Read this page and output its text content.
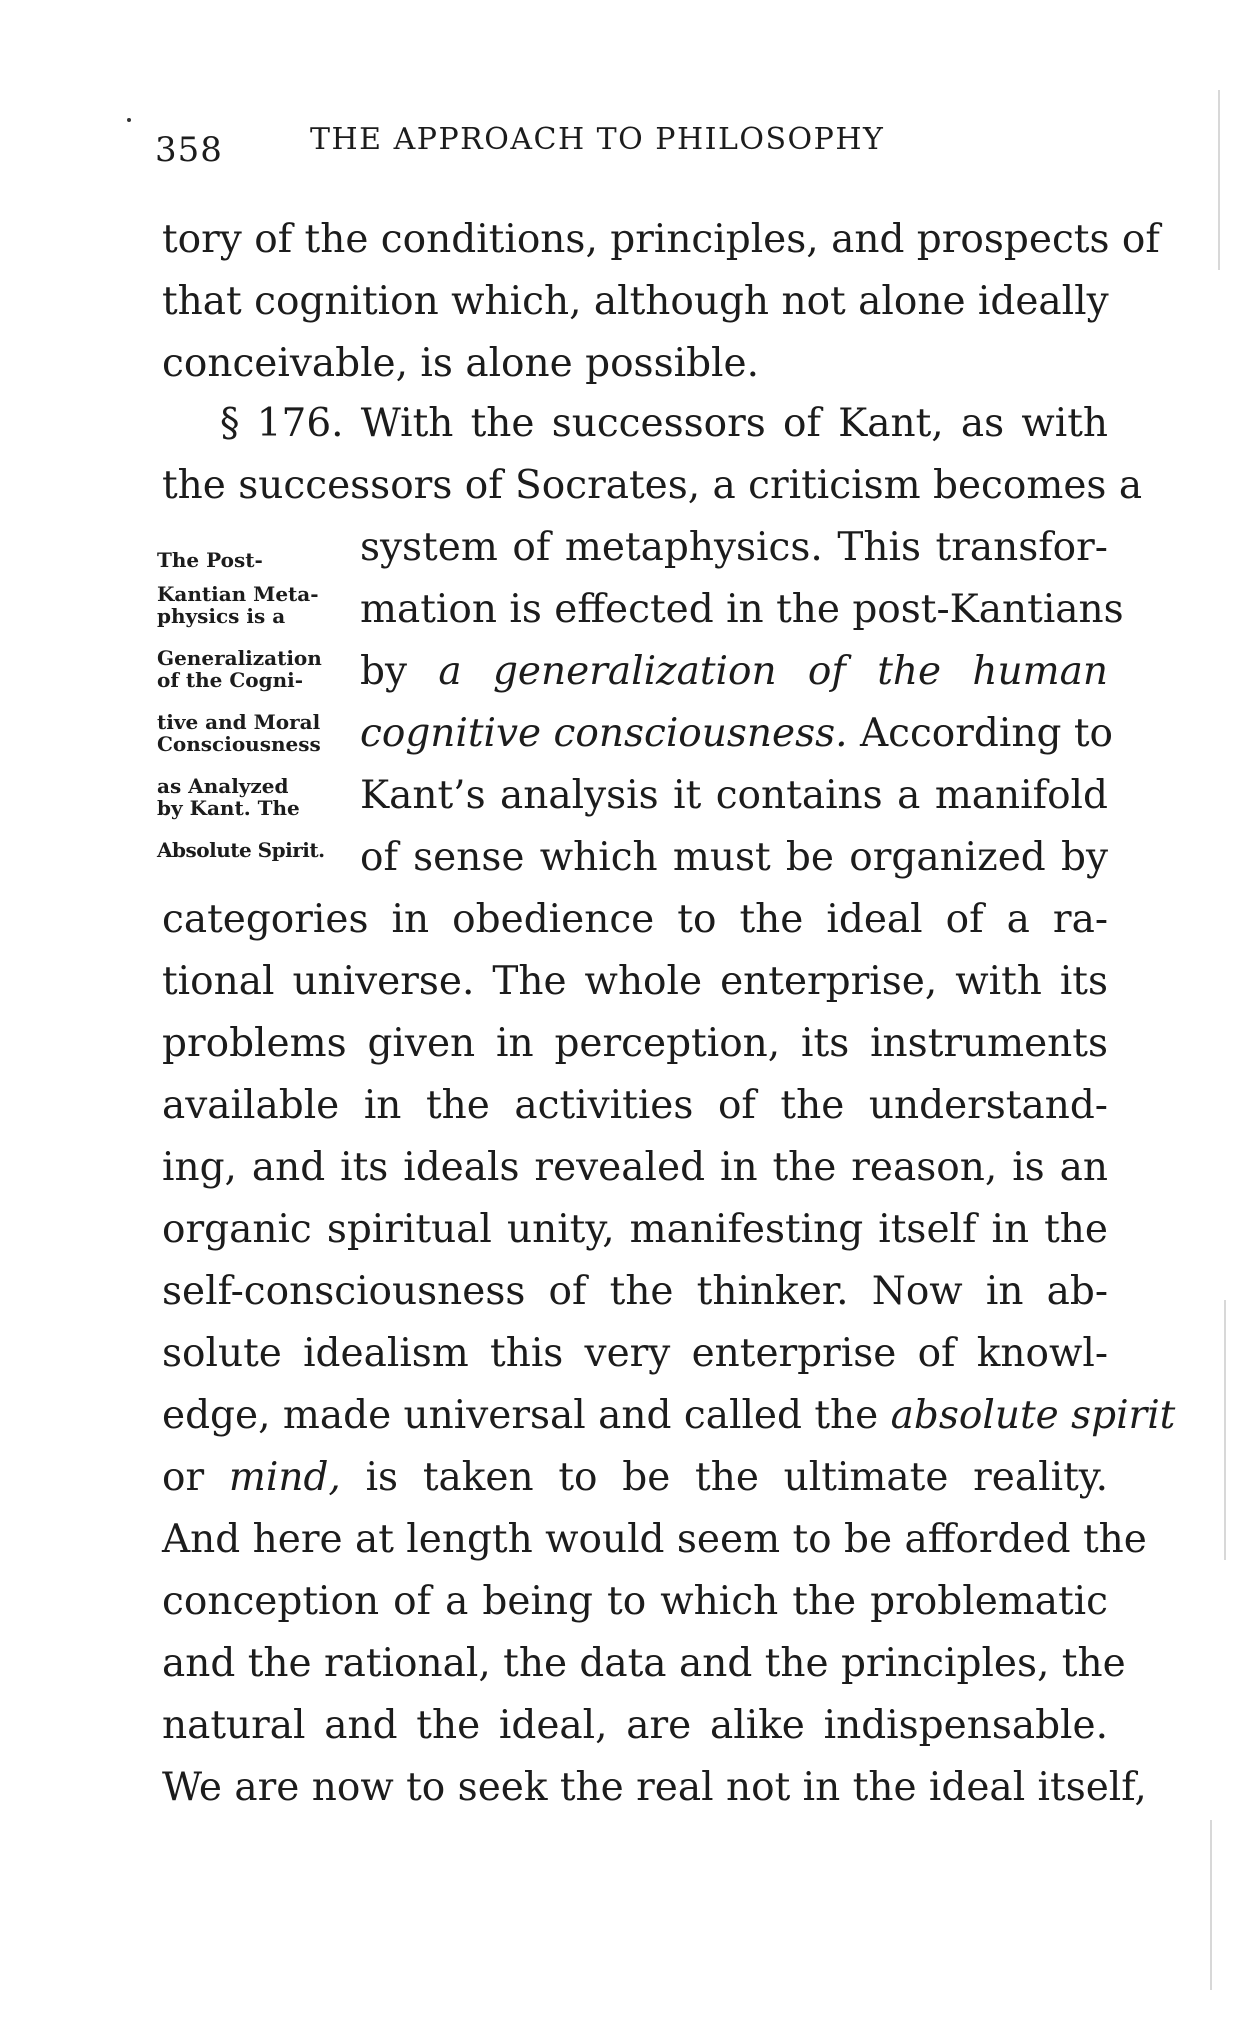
358	THE APPROACH TO PHILOSOPHY
tory of the conditions, principles, and prospects of
that cognition which, although not alone ideally
conceivable, is alone possible.
§ 176. With the successors of Kant, as with
the successors of Socrates, a criticism becomes a
system of metaphysics. This transfor-
mation is effected in the post-Kantians
by a generalization of the human
cognitive consciousness. According to
Kant’s analysis it contains a manifold
of sense which must be organized by
categories in obedience to the ideal of a ra-
tional universe. The whole enterprise, with its
problems given in perception, its instruments
available in the activities of the understand-
ing, and its ideals revealed in the reason, is an
organic spiritual unity, manifesting itself in the
self-consciousness of the thinker. Now in ab-
solute idealism this very enterprise of knowl-
edge, made universal and called the absolute spirit
or mind, is taken to be the ultimate reality.
And here at length would seem to be afforded the
conception of a being to which the problematic
and the rational, the data and the principles, the
natural and the ideal, are alike indispensable.
We are now to seek the real not in the ideal itself,
The Post-
Kantian Meta-
physics is a
Generalization
of the Cogni-
tive and Moral
Consciousness
as Analyzed
by Kant. The
Absolute Spirit.
